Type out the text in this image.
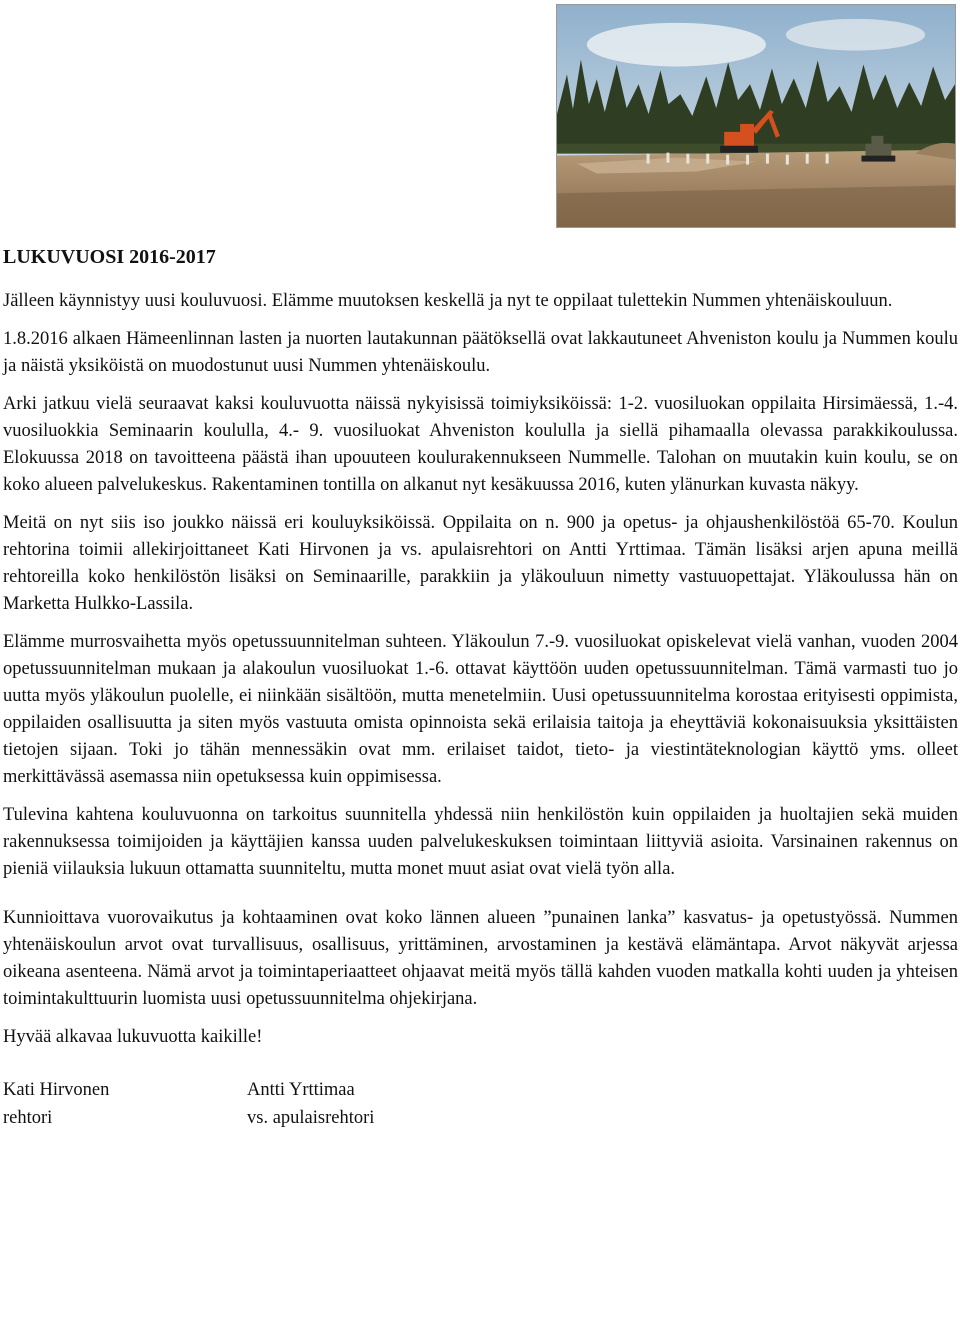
LUKUVUOSI 2016-2017

Jälleen käynnistyy uusi kouluvuosi. Elämme muutoksen keskellä ja nyt te oppilaat tulettekin Nummen yhtenäiskouluun.

1.8.2016 alkaen Hämeenlinnan lasten ja nuorten lautakunnan päätöksellä ovat lakkautuneet Ahveniston koulu ja Nummen koulu ja näistä yksiköistä on muodostunut uusi Nummen yhtenäiskoulu.

Arki jatkuu vielä seuraavat kaksi kouluvuotta näissä nykyisissä toimiyksiköissä: 1-2. vuosiluokan oppilaita Hirsimäessä, 1.-4. vuosiluokkia Seminaarin koululla, 4.- 9. vuosiluokat Ahveniston koululla ja siellä pihamaalla olevassa parakkikoulussa. Elokuussa 2018 on tavoitteena päästä ihan upouuteen koulurakennukseen Nummelle. Talohan on muutakin kuin koulu, se on koko alueen palvelukeskus. Rakentaminen tontilla on alkanut nyt kesäkuussa 2016, kuten ylänurkan kuvasta näkyy.

Meitä on nyt siis iso joukko näissä eri kouluyksiköissä. Oppilaita on n. 900 ja opetus- ja ohjaushenkilöstöä 65-70. Koulun rehtorina toimii allekirjoittaneet Kati Hirvonen ja vs. apulaisrehtori on Antti Yrttimaa. Tämän lisäksi arjen apuna meillä rehtoreilla koko henkilöstön lisäksi on Seminaarille, parakkiin ja yläkouluun nimetty vastuuopettajat. Yläkoulussa hän on Marketta Hulkko-Lassila.

Elämme murrosvaihetta myös opetussuunnitelman suhteen. Yläkoulun 7.-9. vuosiluokat opiskelevat vielä vanhan, vuoden 2004 opetussuunnitelman mukaan ja alakoulun vuosiluokat 1.-6. ottavat käyttöön uuden opetussuunnitelman. Tämä varmasti tuo jo uutta myös yläkoulun puolelle, ei niinkään sisältöön, mutta menetelmiin. Uusi opetussuunnitelma korostaa erityisesti oppimista, oppilaiden osallisuutta ja siten myös vastuuta omista opinnoista sekä erilaisia taitoja ja eheyttäviä kokonaisuuksia yksittäisten tietojen sijaan. Toki jo tähän mennessäkin ovat mm. erilaiset taidot, tieto- ja viestintäteknologian käyttö yms. olleet merkittävässä asemassa niin opetuksessa kuin oppimisessa.

Tulevina kahtena kouluvuonna on tarkoitus suunnitella yhdessä niin henkilöstön kuin oppilaiden ja huoltajien sekä muiden rakennuksessa toimijoiden ja käyttäjien kanssa uuden palvelukeskuksen toimintaan liittyviä asioita. Varsinainen rakennus on pieniä viilauksia lukuun ottamatta suunniteltu, mutta monet muut asiat ovat vielä työn alla.

Kunnioittava vuorovaikutus ja kohtaaminen ovat koko lännen alueen ”punainen lanka” kasvatus- ja opetustyössä. Nummen yhtenäiskoulun arvot ovat turvallisuus, osallisuus, yrittäminen, arvostaminen ja kestävä elämäntapa. Arvot näkyvät arjessa oikeana asenteena. Nämä arvot ja toimintaperiaatteet ohjaavat meitä myös tällä kahden vuoden matkalla kohti uuden ja yhteisen toimintakulttuurin luomista uusi opetussuunnitelma ohjekirjana.

Hyvää alkavaa lukuvuotta kaikille!

Kati Hirvonen
rehtori
Antti Yrttimaa
vs. apulaisrehtori
